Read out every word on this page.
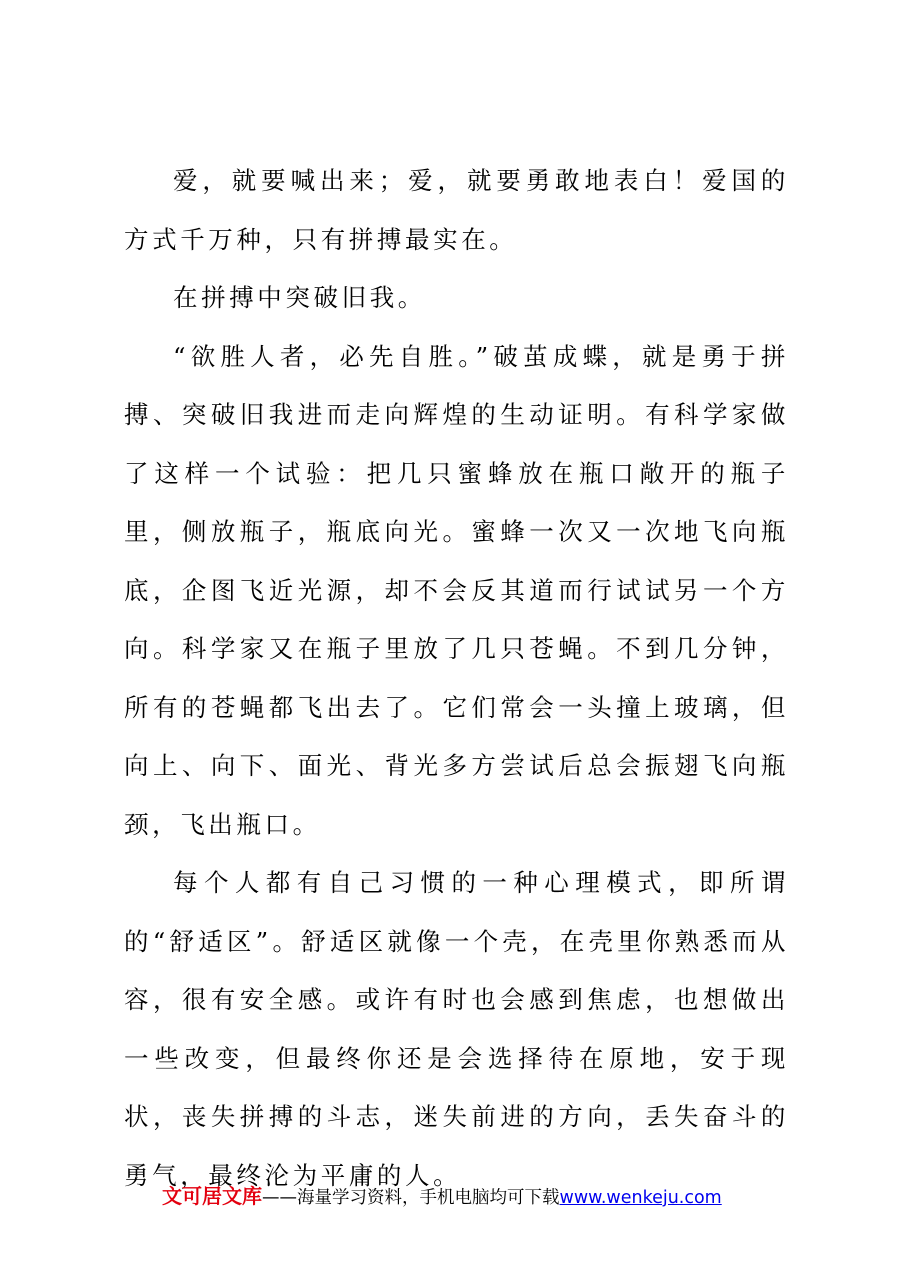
爱，就要喊出来；爱，就要勇敢地表白！爱国的方式千万种，只有拼搏最实在。

在拼搏中突破旧我。

“欲胜人者，必先自胜。”破茧成蝶，就是勇于拼搏、突破旧我进而走向辉煌的生动证明。有科学家做了这样一个试验：把几只蜜蜂放在瓶口敞开的瓶子里，侧放瓶子，瓶底向光。蜜蜂一次又一次地飞向瓶底，企图飞近光源，却不会反其道而行试试另一个方向。科学家又在瓶子里放了几只苍蝇。不到几分钟，所有的苍蝇都飞出去了。它们常会一头撞上玻璃，但向上、向下、面光、背光多方尝试后总会振翅飞向瓶颈，飞出瓶口。

每个人都有自己习惯的一种心理模式，即所谓的“舒适区”。舒适区就像一个壳，在壳里你熟悉而从容，很有安全感。或许有时也会感到焦虑，也想做出一些改变，但最终你还是会选择待在原地，安于现状，丧失拼搏的斗志，迷失前进的方向，丢失奋斗的勇气，最终沦为平庸的人。

文可居文库——海量学习资料，手机电脑均可下载www.wenkeju.com
